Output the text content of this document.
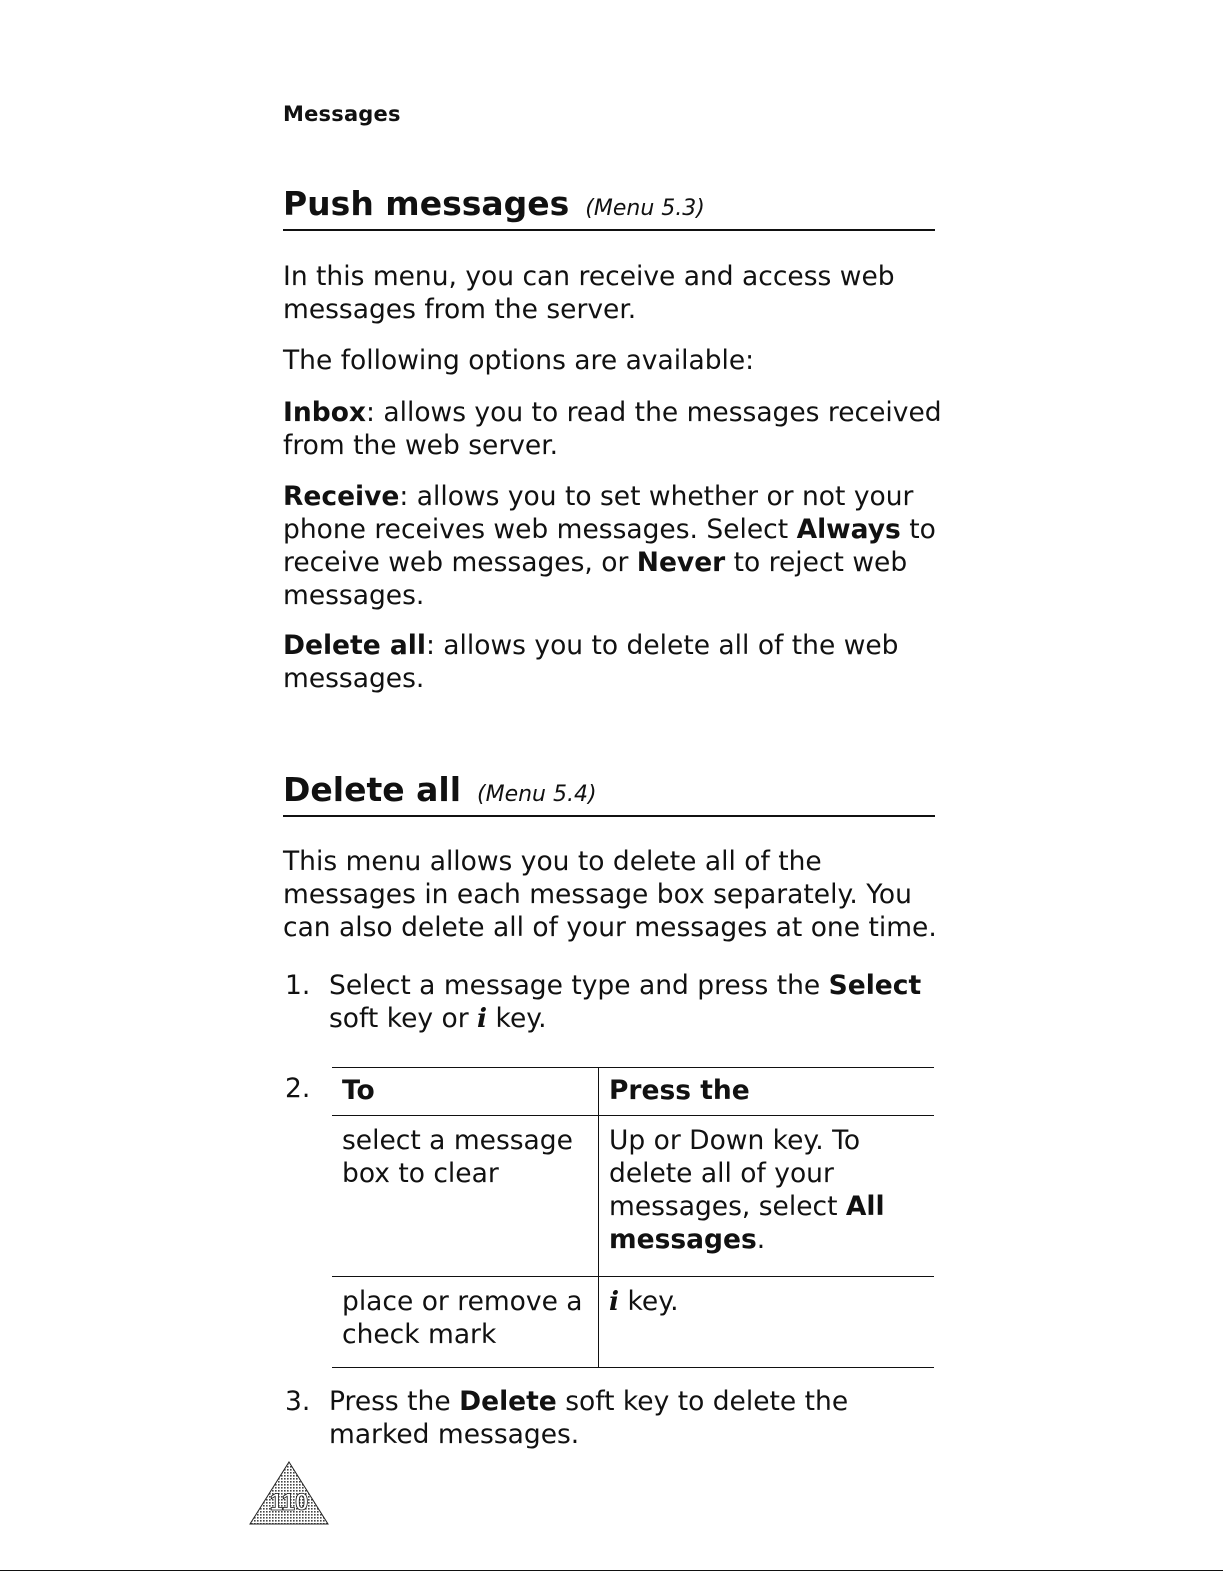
Messages
Push messages (Menu 5.3)

In this menu, you can receive and access web messages from the server.

The following options are available:

Inbox: allows you to read the messages received from the web server.

Receive: allows you to set whether or not your phone receives web messages. Select Always to receive web messages, or Never to reject web messages.

Delete all: allows you to delete all of the web messages.

Delete all (Menu 5.4)

This menu allows you to delete all of the messages in each message box separately. You can also delete all of your messages at one time.

1. Select a message type and press the Select soft key or i key.
2. To	Press the
select a message box to clear	Up or Down key. To delete all of your messages, select All messages.
place or remove a check mark	i key.
3. Press the Delete soft key to delete the marked messages.
110
